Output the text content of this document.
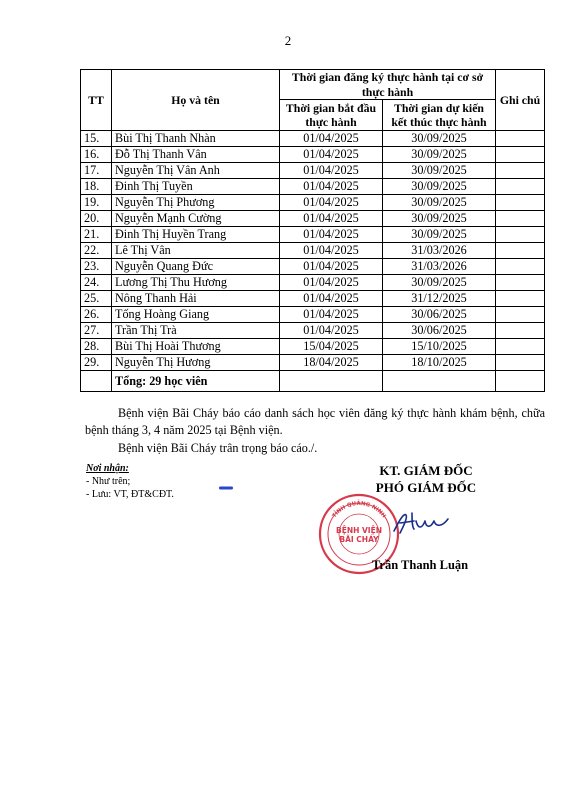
2
TT	Họ và tên	Thời gian đăng ký thực hành tại cơ sở thực hành		Ghi chú
		Thời gian bắt đầu thực hành	Thời gian dự kiến kết thúc thực hành	
15.	Bùi Thị Thanh Nhàn	01/04/2025	30/09/2025	
16.	Đỗ Thị Thanh Vân	01/04/2025	30/09/2025	
17.	Nguyễn Thị Vân Anh	01/04/2025	30/09/2025	
18.	Đinh Thị Tuyền	01/04/2025	30/09/2025	
19.	Nguyễn Thị Phương	01/04/2025	30/09/2025	
20.	Nguyễn Mạnh Cường	01/04/2025	30/09/2025	
21.	Đinh Thị Huyền Trang	01/04/2025	30/09/2025	
22.	Lê Thị Vân	01/04/2025	31/03/2026	
23.	Nguyễn Quang Đức	01/04/2025	31/03/2026	
24.	Lương Thị Thu Hương	01/04/2025	30/09/2025	
25.	Nông Thanh Hải	01/04/2025	31/12/2025	
26.	Tống Hoàng Giang	01/04/2025	30/06/2025	
27.	Trần Thị Trà	01/04/2025	30/06/2025	
28.	Bùi Thị Hoài Thương	15/04/2025	15/10/2025	
29.	Nguyễn Thị Hương	18/04/2025	18/10/2025	
	Tổng: 29 học viên			
Bệnh viện Bãi Cháy báo cáo danh sách học viên đăng ký thực hành khám bệnh, chữa bệnh tháng 3, 4 năm 2025 tại Bệnh viện.
Bệnh viện Bãi Cháy trân trọng báo cáo./.
Nơi nhận:
- Như trên;
- Lưu: VT, ĐT&CĐT.
KT. GIÁM ĐỐC
PHÓ GIÁM ĐỐC
TỈNH QUẢNG NINH
BỆNH VIỆN
BÃI CHÁY
Trần Thanh Luận
